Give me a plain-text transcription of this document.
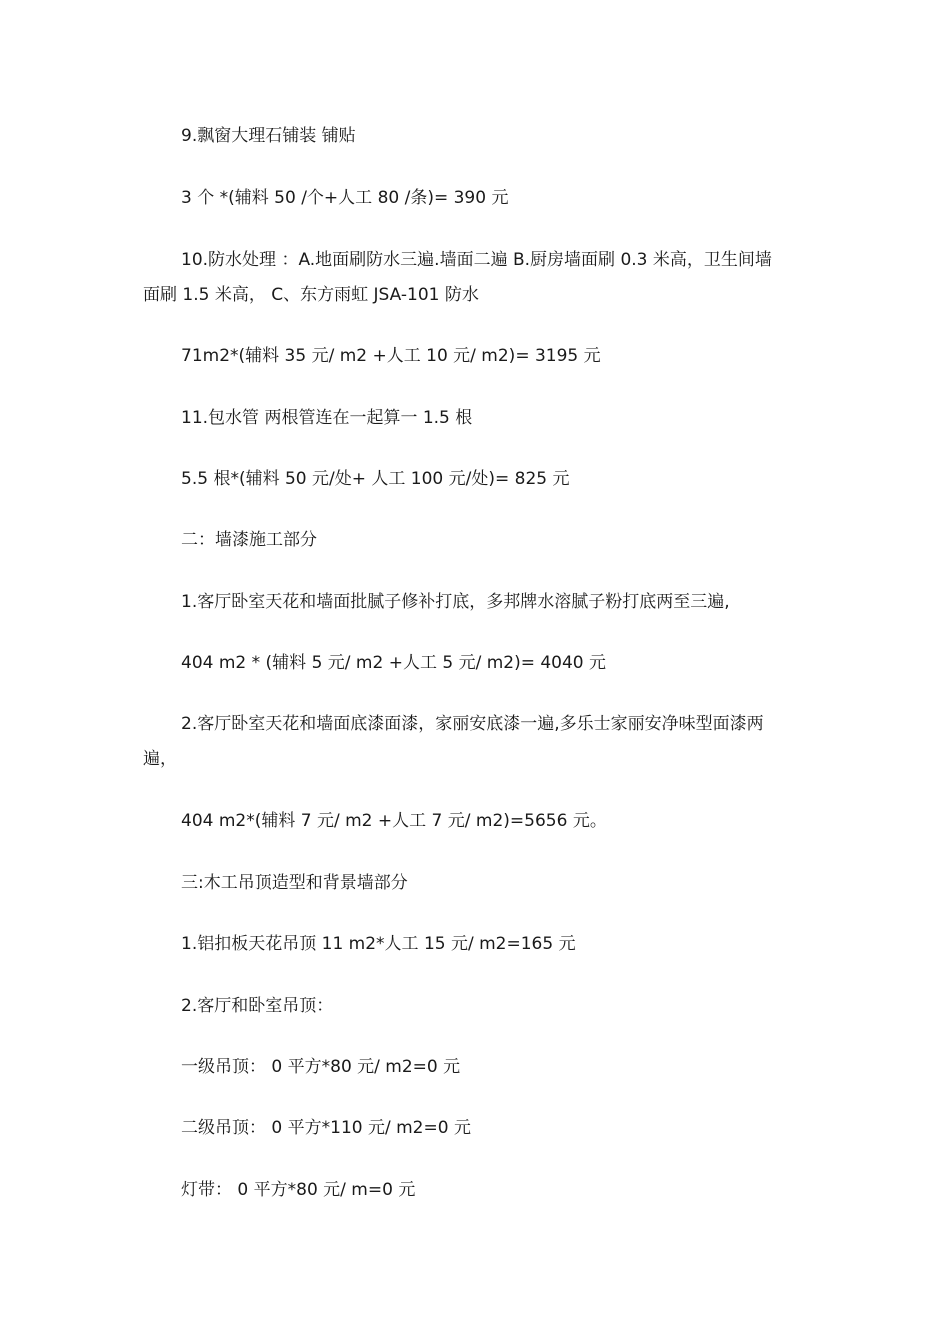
9.飘窗大理石铺装 铺贴
3 个 *(辅料 50 /个+人工 80 /条)= 390 元
10.防水处理 ：A.地面刷防水三遍.墙面二遍 B.厨房墙面刷 0.3 米高，卫生间墙
面刷 1.5 米高， C、东方雨虹 JSA-101 防水
71m2*(辅料 35 元/ m2 +人工 10 元/ m2)= 3195 元
11.包水管 两根管连在一起算一 1.5 根
5.5 根*(辅料 50 元/处+ 人工 100 元/处)= 825 元
二：墙漆施工部分
1.客厅卧室天花和墙面批腻子修补打底，多邦牌水溶腻子粉打底两至三遍,
404 m2 * (辅料 5 元/ m2 +人工 5 元/ m2)= 4040 元
2.客厅卧室天花和墙面底漆面漆，家丽安底漆一遍,多乐士家丽安净味型面漆两
遍，
404 m2*(辅料 7 元/ m2 +人工 7 元/ m2)=5656 元。
三:木工吊顶造型和背景墙部分
1.铝扣板天花吊顶 11 m2*人工 15 元/ m2=165 元
2.客厅和卧室吊顶：
一级吊顶： 0 平方*80 元/ m2=0 元
二级吊顶： 0 平方*110 元/ m2=0 元
灯带： 0 平方*80 元/ m=0 元
